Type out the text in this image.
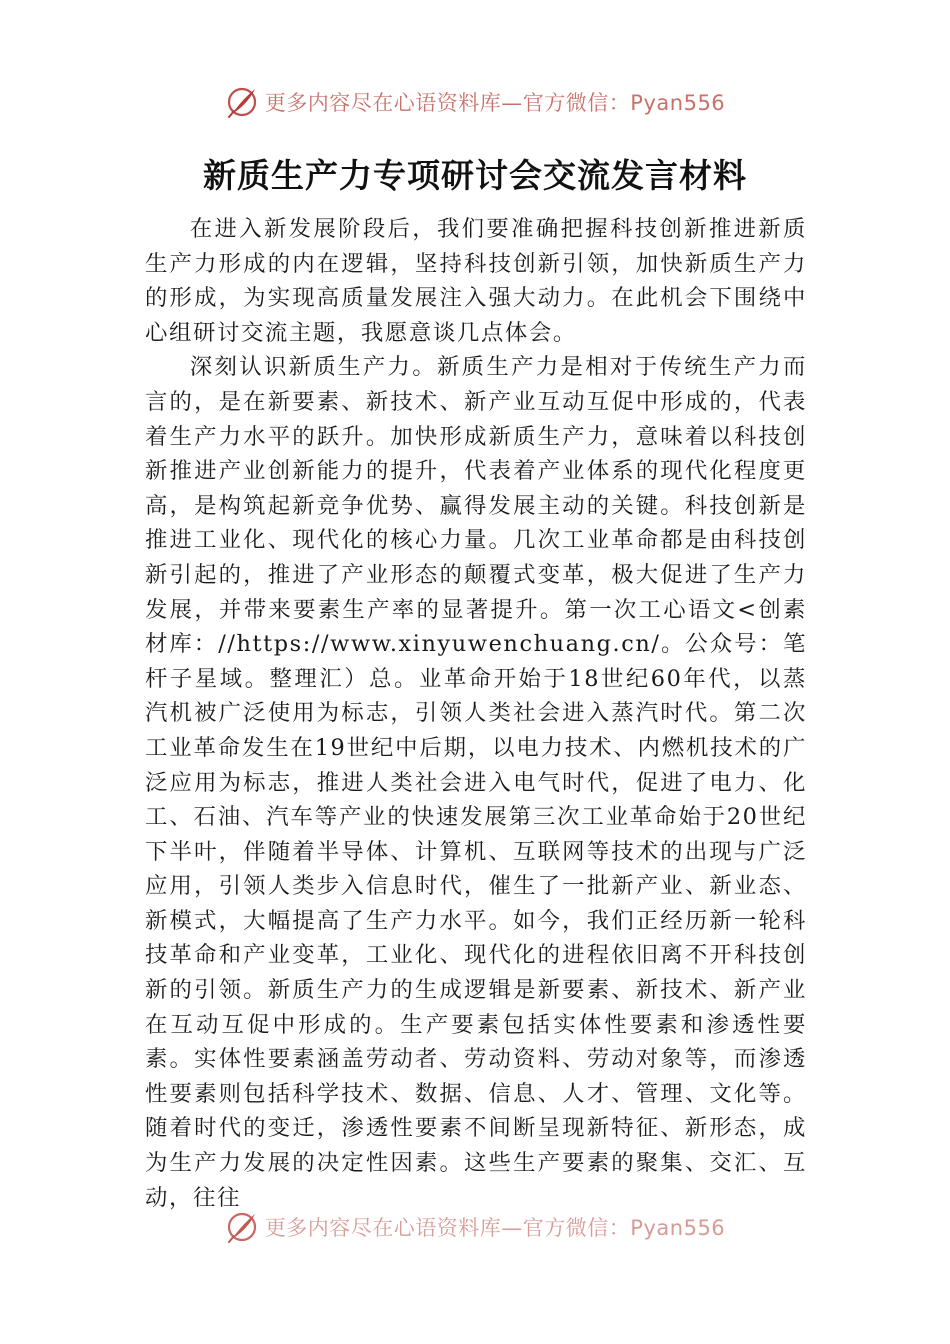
更多内容尽在心语资料库—官方微信：Pyan556
新质生产力专项研讨会交流发言材料

在进入新发展阶段后，我们要准确把握科技创新推进新质生产力形成的内在逻辑，坚持科技创新引领，加快新质生产力的形成，为实现高质量发展注入强大动力。在此机会下围绕中心组研讨交流主题，我愿意谈几点体会。

深刻认识新质生产力。新质生产力是相对于传统生产力而言的，是在新要素、新技术、新产业互动互促中形成的，代表着生产力水平的跃升。加快形成新质生产力，意味着以科技创新推进产业创新能力的提升，代表着产业体系的现代化程度更高，是构筑起新竞争优势、赢得发展主动的关键。科技创新是推进工业化、现代化的核心力量。几次工业革命都是由科技创新引起的，推进了产业形态的颠覆式变革，极大促进了生产力发展，并带来要素生产率的显著提升。第一次工心语文<创素材库：//https://www.xinyuwenchuang.cn/。公众号：笔杆子星域。整理汇）总。业革命开始于18世纪60年代，以蒸汽机被广泛使用为标志，引领人类社会进入蒸汽时代。第二次工业革命发生在19世纪中后期，以电力技术、内燃机技术的广泛应用为标志，推进人类社会进入电气时代，促进了电力、化工、石油、汽车等产业的快速发展第三次工业革命始于20世纪下半叶，伴随着半导体、计算机、互联网等技术的出现与广泛应用，引领人类步入信息时代，催生了一批新产业、新业态、新模式，大幅提高了生产力水平。如今，我们正经历新一轮科技革命和产业变革，工业化、现代化的进程依旧离不开科技创新的引领。新质生产力的生成逻辑是新要素、新技术、新产业在互动互促中形成的。生产要素包括实体性要素和渗透性要素。实体性要素涵盖劳动者、劳动资料、劳动对象等，而渗透性要素则包括科学技术、数据、信息、人才、管理、文化等。随着时代的变迁，渗透性要素不间断呈现新特征、新形态，成为生产力发展的决定性因素。这些生产要素的聚集、交汇、互动，往往

更多内容尽在心语资料库—官方微信：Pyan556
